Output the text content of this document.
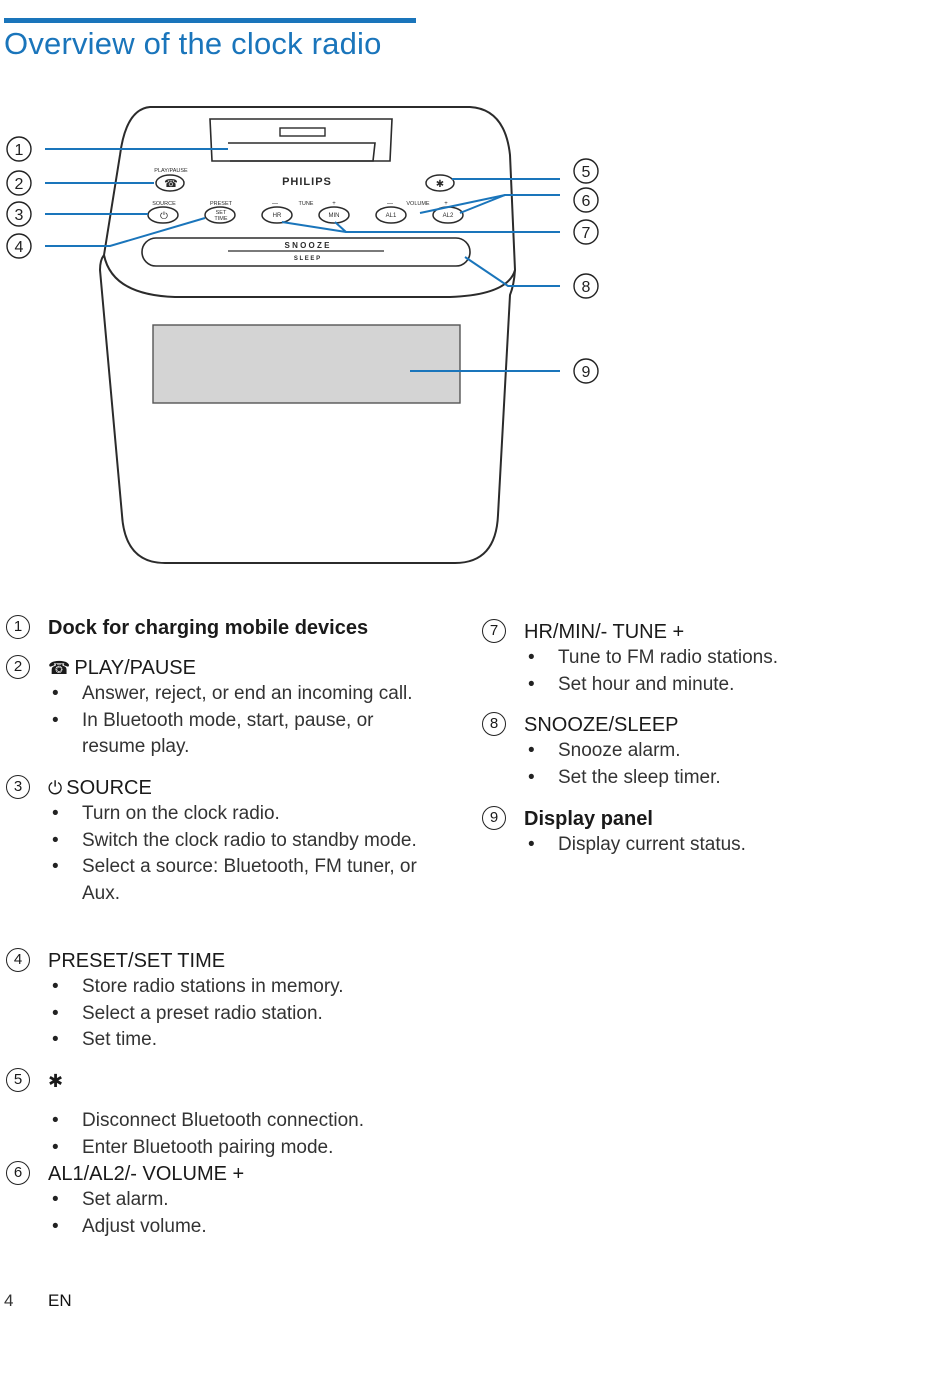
Overview of the clock radio
PLAY/PAUSE
☎	PHILIPS
SOURCE
⏻
PRESET
SET
TIME
—	TUNE	+
HR	MIN
— VOLUME +
AL1	AL2
✱
S N O O Z E
S L E E P
1
2
3
4
5
6
7
8
9
1	Dock for charging mobile devices
2	☎ PLAY/PAUSE
• Answer, reject, or end an incoming call.
• In Bluetooth mode, start, pause, or resume play.
3	⏻ SOURCE
• Turn on the clock radio.
• Switch the clock radio to standby mode.
• Select a source: Bluetooth, FM tuner, or Aux.
4	PRESET/SET TIME
• Store radio stations in memory.
• Select a preset radio station.
• Set time.
5	✱
• Disconnect Bluetooth connection.
• Enter Bluetooth pairing mode.
6	AL1/AL2/- VOLUME +
• Set alarm.
• Adjust volume.
7	HR/MIN/- TUNE +
• Tune to FM radio stations.
• Set hour and minute.
8	SNOOZE/SLEEP
• Snooze alarm.
• Set the sleep timer.
9	Display panel
• Display current status.
4 EN
